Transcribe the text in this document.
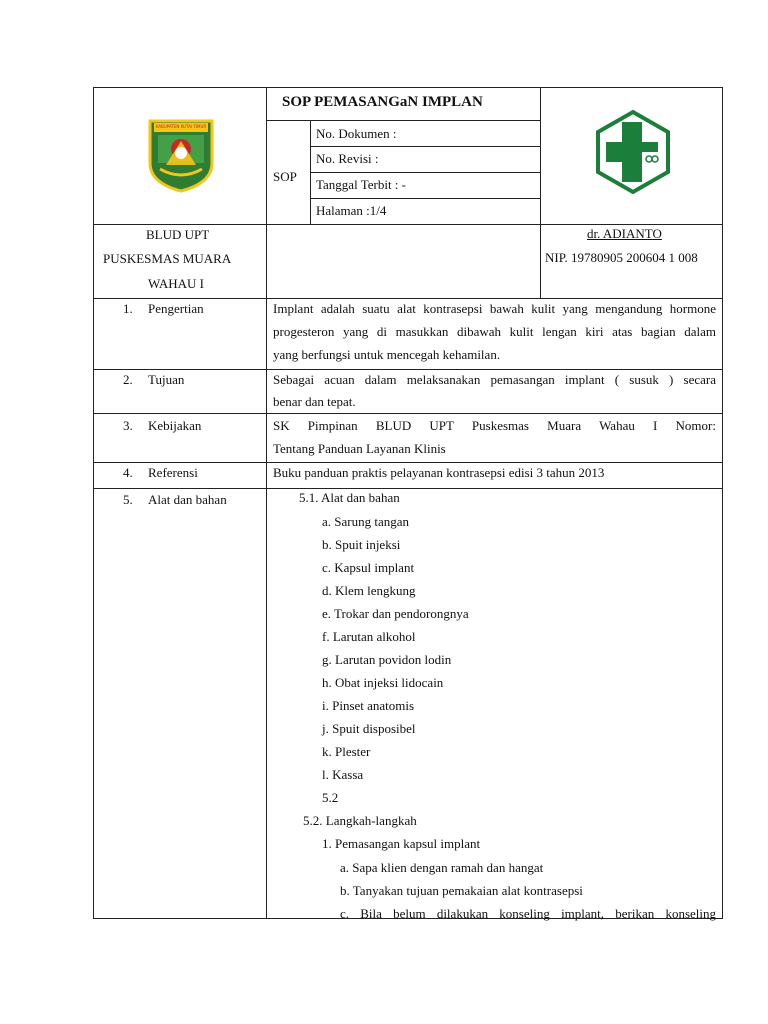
KABUPATEN KUTAI TIMUR
SOP PEMASANGaN IMPLAN
SOP
No. Dokumen :
No. Revisi :
Tanggal Terbit : -
Halaman :1/4
BLUD UPT
PUSKESMAS MUARA
WAHAU I
dr. ADIANTO
NIP. 19780905 200604 1 008
1. Pengertian	Implant adalah suatu alat kontrasepsi bawah kulit yang mengandung hormone
progesteron yang di masukkan dibawah kulit lengan kiri atas bagian dalam
yang berfungsi untuk mencegah kehamilan.
2. Tujuan	Sebagai acuan dalam melaksanakan pemasangan implant ( susuk ) secara
benar dan tepat.
3. Kebijakan	SK Pimpinan BLUD UPT Puskesmas Muara Wahau I Nomor:
Tentang Panduan Layanan Klinis
4. Referensi	Buku panduan praktis pelayanan kontrasepsi edisi 3 tahun 2013
5. Alat dan bahan	5.1. Alat dan bahan
a. Sarung tangan
b. Spuit injeksi
c. Kapsul implant
d. Klem lengkung
e. Trokar dan pendorongnya
f. Larutan alkohol
g. Larutan povidon lodin
h. Obat injeksi lidocain
i. Pinset anatomis
j. Spuit disposibel
k. Plester
l. Kassa
5.2
5.2. Langkah-langkah
1. Pemasangan kapsul implant
a. Sapa klien dengan ramah dan hangat
b. Tanyakan tujuan pemakaian alat kontrasepsi
c. Bila belum dilakukan konseling implant, berikan konseling
